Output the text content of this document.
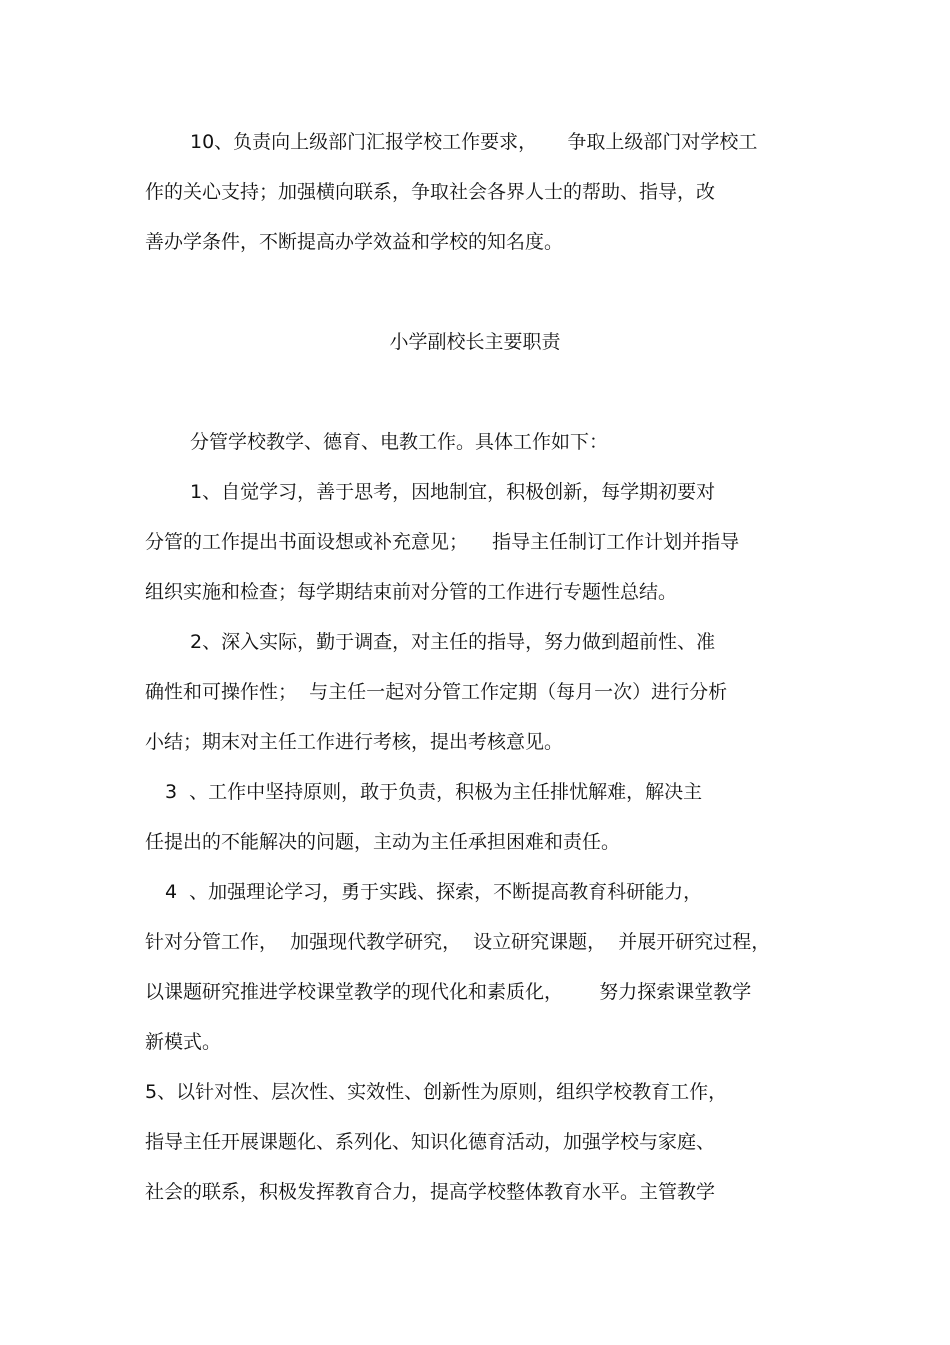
10、负责向上级部门汇报学校工作要求，     争取上级部门对学校工
作的关心支持；加强横向联系，争取社会各界人士的帮助、指导，改
善办学条件，不断提高办学效益和学校的知名度。
小学副校长主要职责
分管学校教学、德育、电教工作。具体工作如下：
1、自觉学习，善于思考，因地制宜，积极创新，每学期初要对
分管的工作提出书面设想或补充意见；    指导主任制订工作计划并指导
组织实施和检查；每学期结束前对分管的工作进行专题性总结。
2、深入实际，勤于调查，对主任的指导，努力做到超前性、准
确性和可操作性；  与主任一起对分管工作定期（每月一次）进行分析
小结；期末对主任工作进行考核，提出考核意见。
3  、工作中坚持原则，敢于负责，积极为主任排忧解难，解决主
任提出的不能解决的问题，主动为主任承担困难和责任。
4  、加强理论学习，勇于实践、探索，不断提高教育科研能力，
针对分管工作，  加强现代教学研究，  设立研究课题，  并展开研究过程，
以课题研究推进学校课堂教学的现代化和素质化，      努力探索课堂教学
新模式。
5、以针对性、层次性、实效性、创新性为原则，组织学校教育工作，
指导主任开展课题化、系列化、知识化德育活动，加强学校与家庭、
社会的联系，积极发挥教育合力，提高学校整体教育水平。主管教学
